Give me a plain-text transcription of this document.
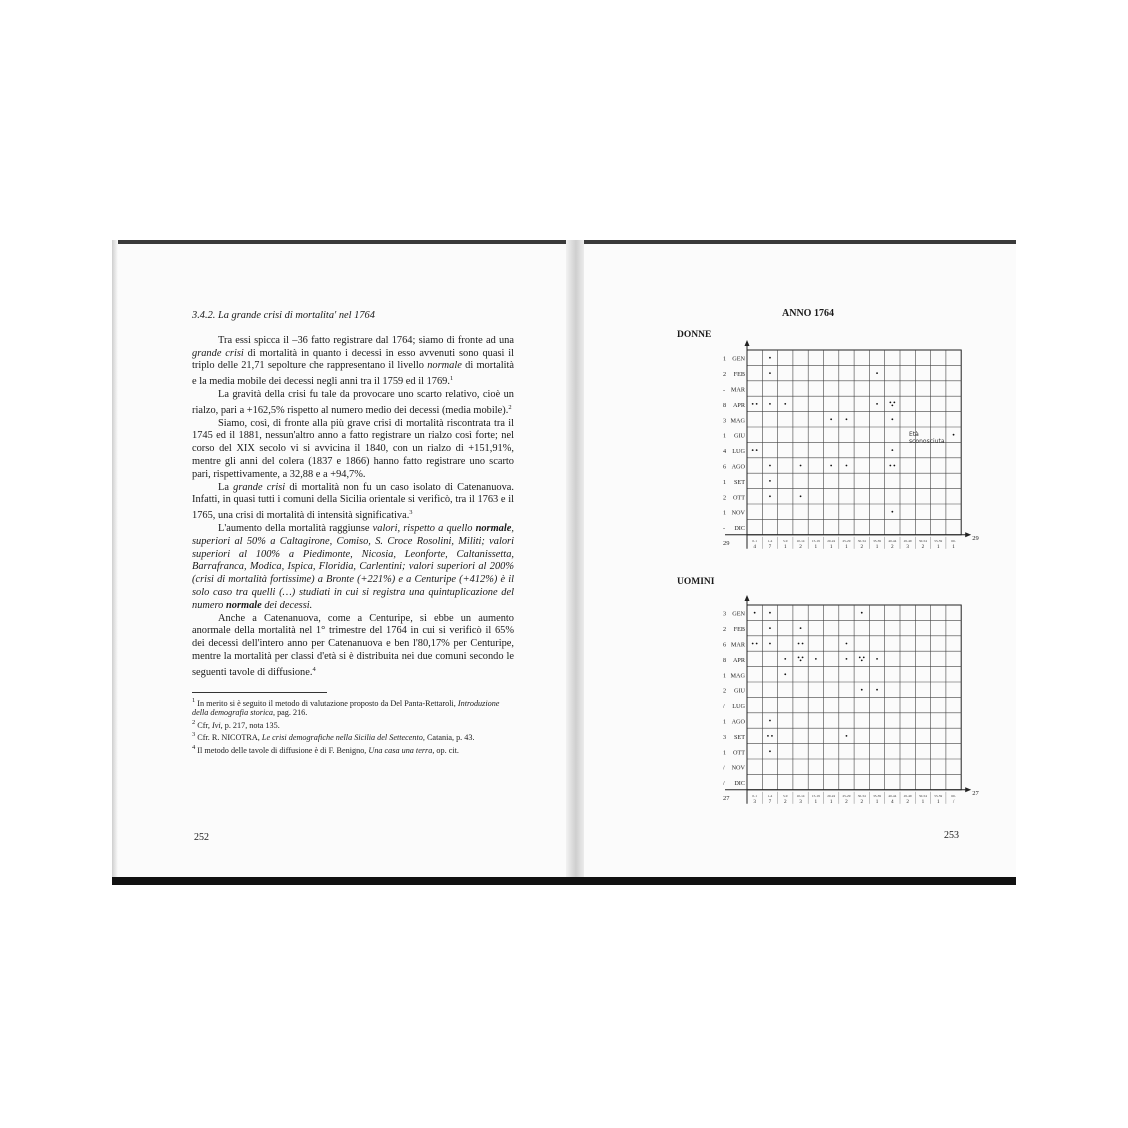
3.4.2. La grande crisi di mortalita' nel 1764

Tra essi spicca il –36 fatto registrare dal 1764; siamo di fronte ad una grande crisi di mortalità in quanto i decessi in esso avvenuti sono quasi il triplo delle 21,71 sepolture che rappresentano il livello normale di mortalità e la media mobile dei decessi negli anni tra il 1759 ed il 1769.$^1$

La gravità della crisi fu tale da provocare uno scarto relativo, cioè un rialzo, pari a +162,5% rispetto al numero medio dei decessi (media mobile).$^2$

Siamo, così, di fronte alla più grave crisi di mortalità riscontrata tra il 1745 ed il 1881, nessun'altro anno a fatto registrare un rialzo così forte; nel corso del XIX secolo vi si avvicina il 1840, con un rialzo di +151,91%, mentre gli anni del colera (1837 e 1866) hanno fatto registrare uno scarto pari, rispettivamente, a 32,88 e a +94,7%.

La grande crisi di mortalità non fu un caso isolato di Catenanuova. Infatti, in quasi tutti i comuni della Sicilia orientale si verificò, tra il 1763 e il 1765, una crisi di mortalità di intensità significativa.$^3$

L'aumento della mortalità raggiunse valori, rispetto a quello normale, superiori al 50% a Caltagirone, Comiso, S. Croce Rosolini, Militi; valori superiori al 100% a Piedimonte, Nicosia, Leonforte, Caltanissetta, Barrafranca, Modica, Ispica, Floridia, Carlentini; valori superiori al 200% (crisi di mortalità fortissime) a Bronte (+221%) e a Centuripe (+412%) è il solo caso tra quelli (…) studiati in cui si registra una quintuplicazione del numero normale dei decessi.

Anche a Catenanuova, come a Centuripe, si ebbe un aumento anormale della mortalità nel 1° trimestre del 1764 in cui si verificò il 65% dei decessi dell'intero anno per Catenanuova e ben l'80,17% per Centuripe, mentre la mortalità per classi d'età si è distribuita nei due comuni secondo le seguenti tavole di diffusione.$^4$

$^1$ In merito si è seguito il metodo di valutazione proposto da Del Panta-Rettaroli, Introduzione della demografia storica, pag. 216.
$^2$ Cfr, Ivi, p. 217, nota 135.
$^3$ Cfr. R. NICOTRA, Le crisi demografiche nella Sicilia del Settecento, Catania, p. 43.
$^4$ Il metodo delle tavole di diffusione è di F. Benigno, Una casa una terra, op. cit.
252
ANNO 1764
DONNE
UOMINI
1 GEN
2 FEB
- MAR
8 APR
3 MAG
1 GIU
4 LUG
6 AGO
1 SET
2 OTT
1 NOV
- DIC
0-1
4
1-4
7
5-9
1
10-14
2
15-19
1
20-24
1
25-29
1
30-34
2
35-39
1
40-44
2
45-49
3
50-54
2
55-59
1
60-
1
29
29
3 GEN
2 FEB
6 MAR
8 APR
1 MAG
2 GIU
/ LUG
1 AGO
3 SET
1 OTT
/ NOV
/ DIC
0-1
3
1-4
7
5-9
2
10-14
3
15-19
1
20-24
1
25-29
2
30-34
2
35-39
1
40-44
4
45-49
2
50-54
1
55-59
1
60-
/
27
27
Età
sconosciuta
253
